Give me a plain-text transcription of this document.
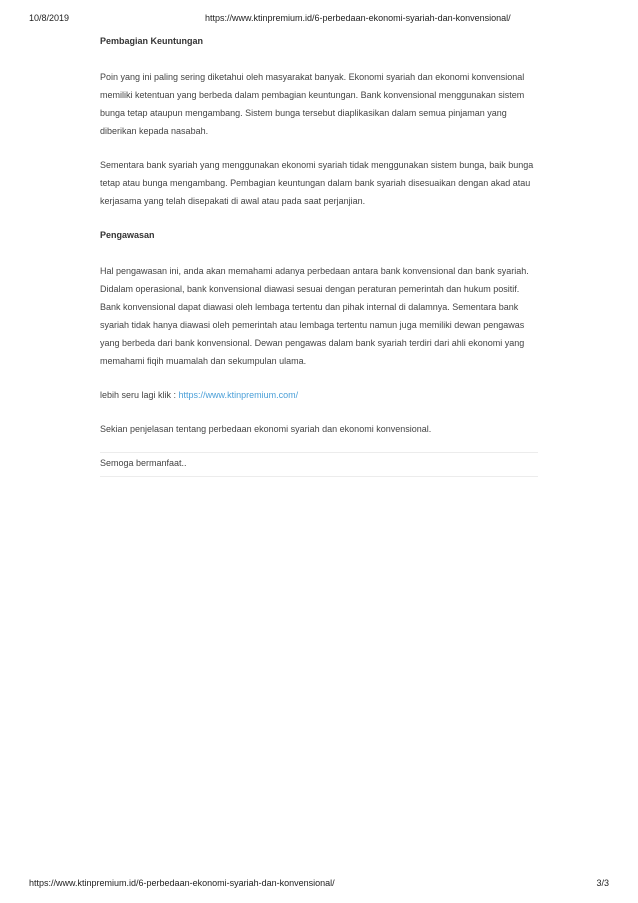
10/8/2019	https://www.ktinpremium.id/6-perbedaan-ekonomi-syariah-dan-konvensional/

Pembagian Keuntungan

Poin yang ini paling sering diketahui oleh masyarakat banyak. Ekonomi syariah dan ekonomi konvensional memiliki ketentuan yang berbeda dalam pembagian keuntungan. Bank konvensional menggunakan sistem bunga tetap ataupun mengambang. Sistem bunga tersebut diaplikasikan dalam semua pinjaman yang diberikan kepada nasabah.

Sementara bank syariah yang menggunakan ekonomi syariah tidak menggunakan sistem bunga, baik bunga tetap atau bunga mengambang. Pembagian keuntungan dalam bank syariah disesuaikan dengan akad atau kerjasama yang telah disepakati di awal atau pada saat perjanjian.

Pengawasan

Hal pengawasan ini, anda akan memahami adanya perbedaan antara bank konvensional dan bank syariah. Didalam operasional, bank konvensional diawasi sesuai dengan peraturan pemerintah dan hukum positif. Bank konvensional dapat diawasi oleh lembaga tertentu dan pihak internal di dalamnya. Sementara bank syariah tidak hanya diawasi oleh pemerintah atau lembaga tertentu namun juga memiliki dewan pengawas yang berbeda dari bank konvensional. Dewan pengawas dalam bank syariah terdiri dari ahli ekonomi yang memahami fiqih muamalah dan sekumpulan ulama.

lebih seru lagi klik : https://www.ktinpremium.com/

Sekian penjelasan tentang perbedaan ekonomi syariah dan ekonomi konvensional.

Semoga bermanfaat..

https://www.ktinpremium.id/6-perbedaan-ekonomi-syariah-dan-konvensional/	3/3
